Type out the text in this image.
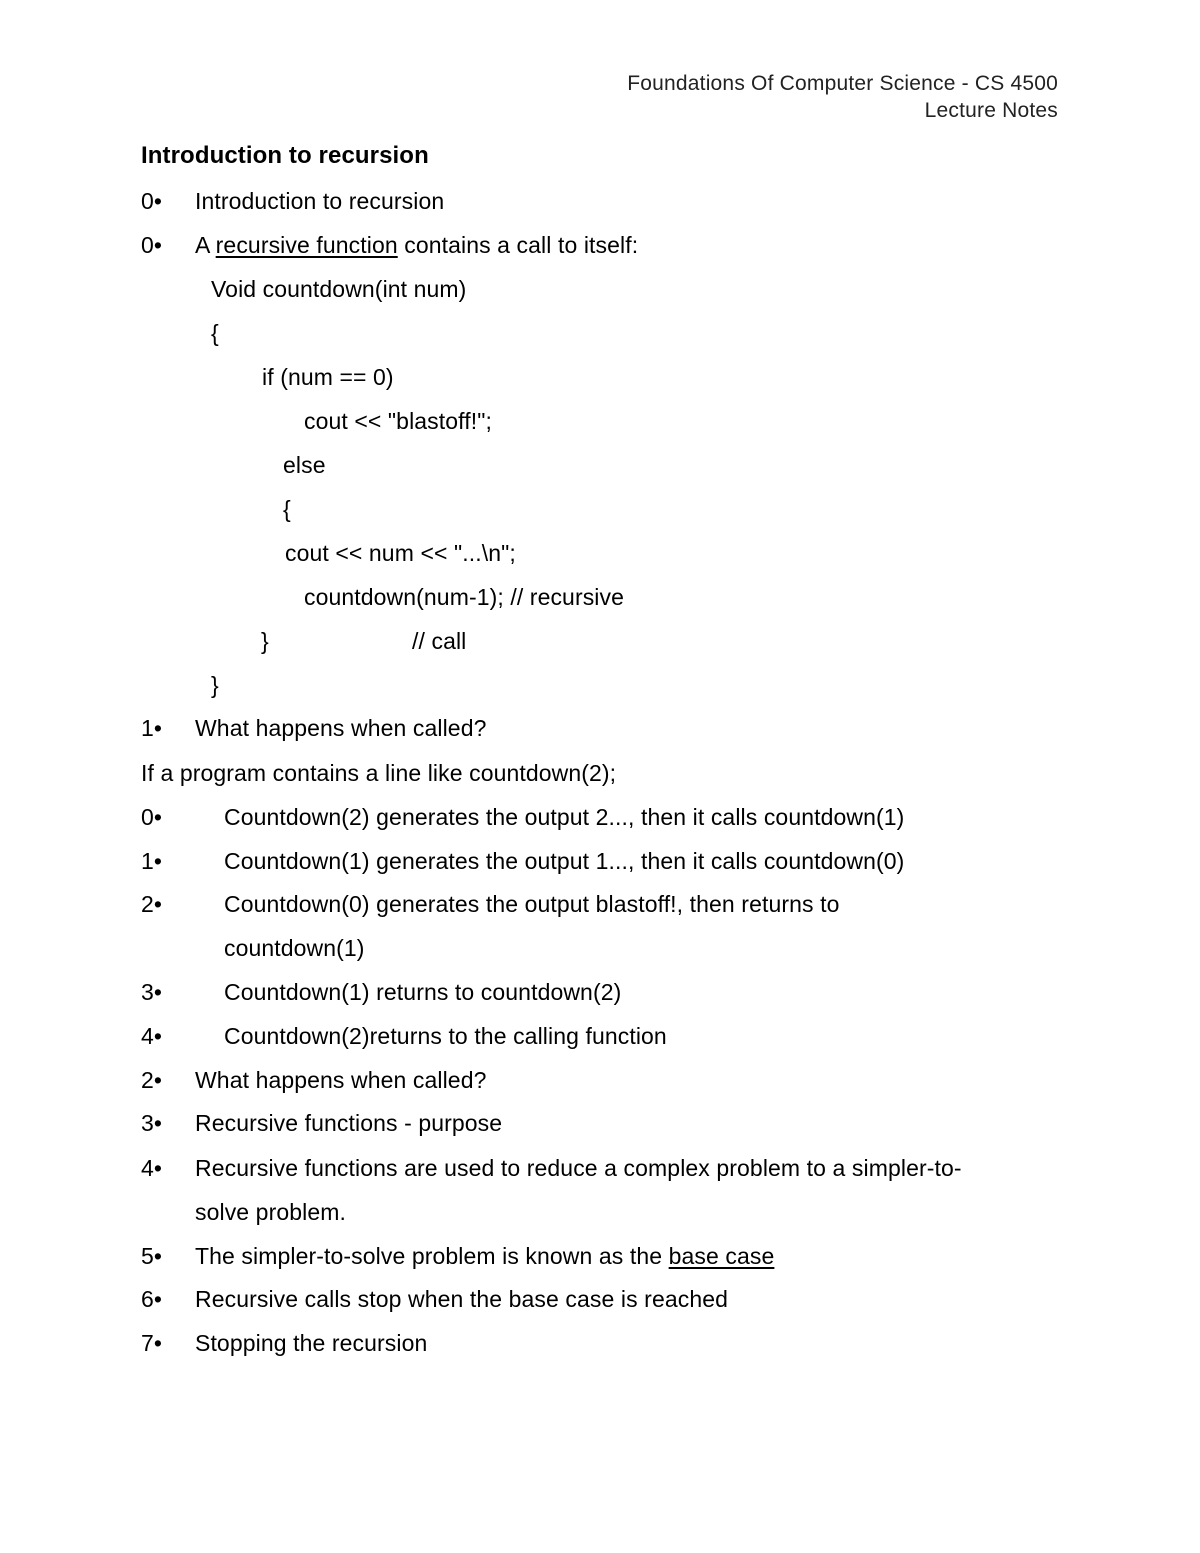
Foundations Of Computer Science - CS 4500
Lecture Notes
Introduction to recursion
0• Introduction to recursion
0• A recursive function contains a call to itself:
Void countdown(int num)
{
if (num == 0)
cout << "blastoff!";
else
{
cout << num << "...\n";
countdown(num-1); // recursive
}	// call
}
1• What happens when called?
If a program contains a line like countdown(2);
0•	Countdown(2) generates the output 2..., then it calls countdown(1)
1•	Countdown(1) generates the output 1..., then it calls countdown(0)
2•	Countdown(0) generates the output blastoff!, then returns to
countdown(1)
3•	Countdown(1) returns to countdown(2)
4•	Countdown(2)returns to the calling function
2• What happens when called?
3• Recursive functions - purpose
4• Recursive functions are used to reduce a complex problem to a simpler-to-
solve problem.
5• The simpler-to-solve problem is known as the base case
6• Recursive calls stop when the base case is reached
7• Stopping the recursion
